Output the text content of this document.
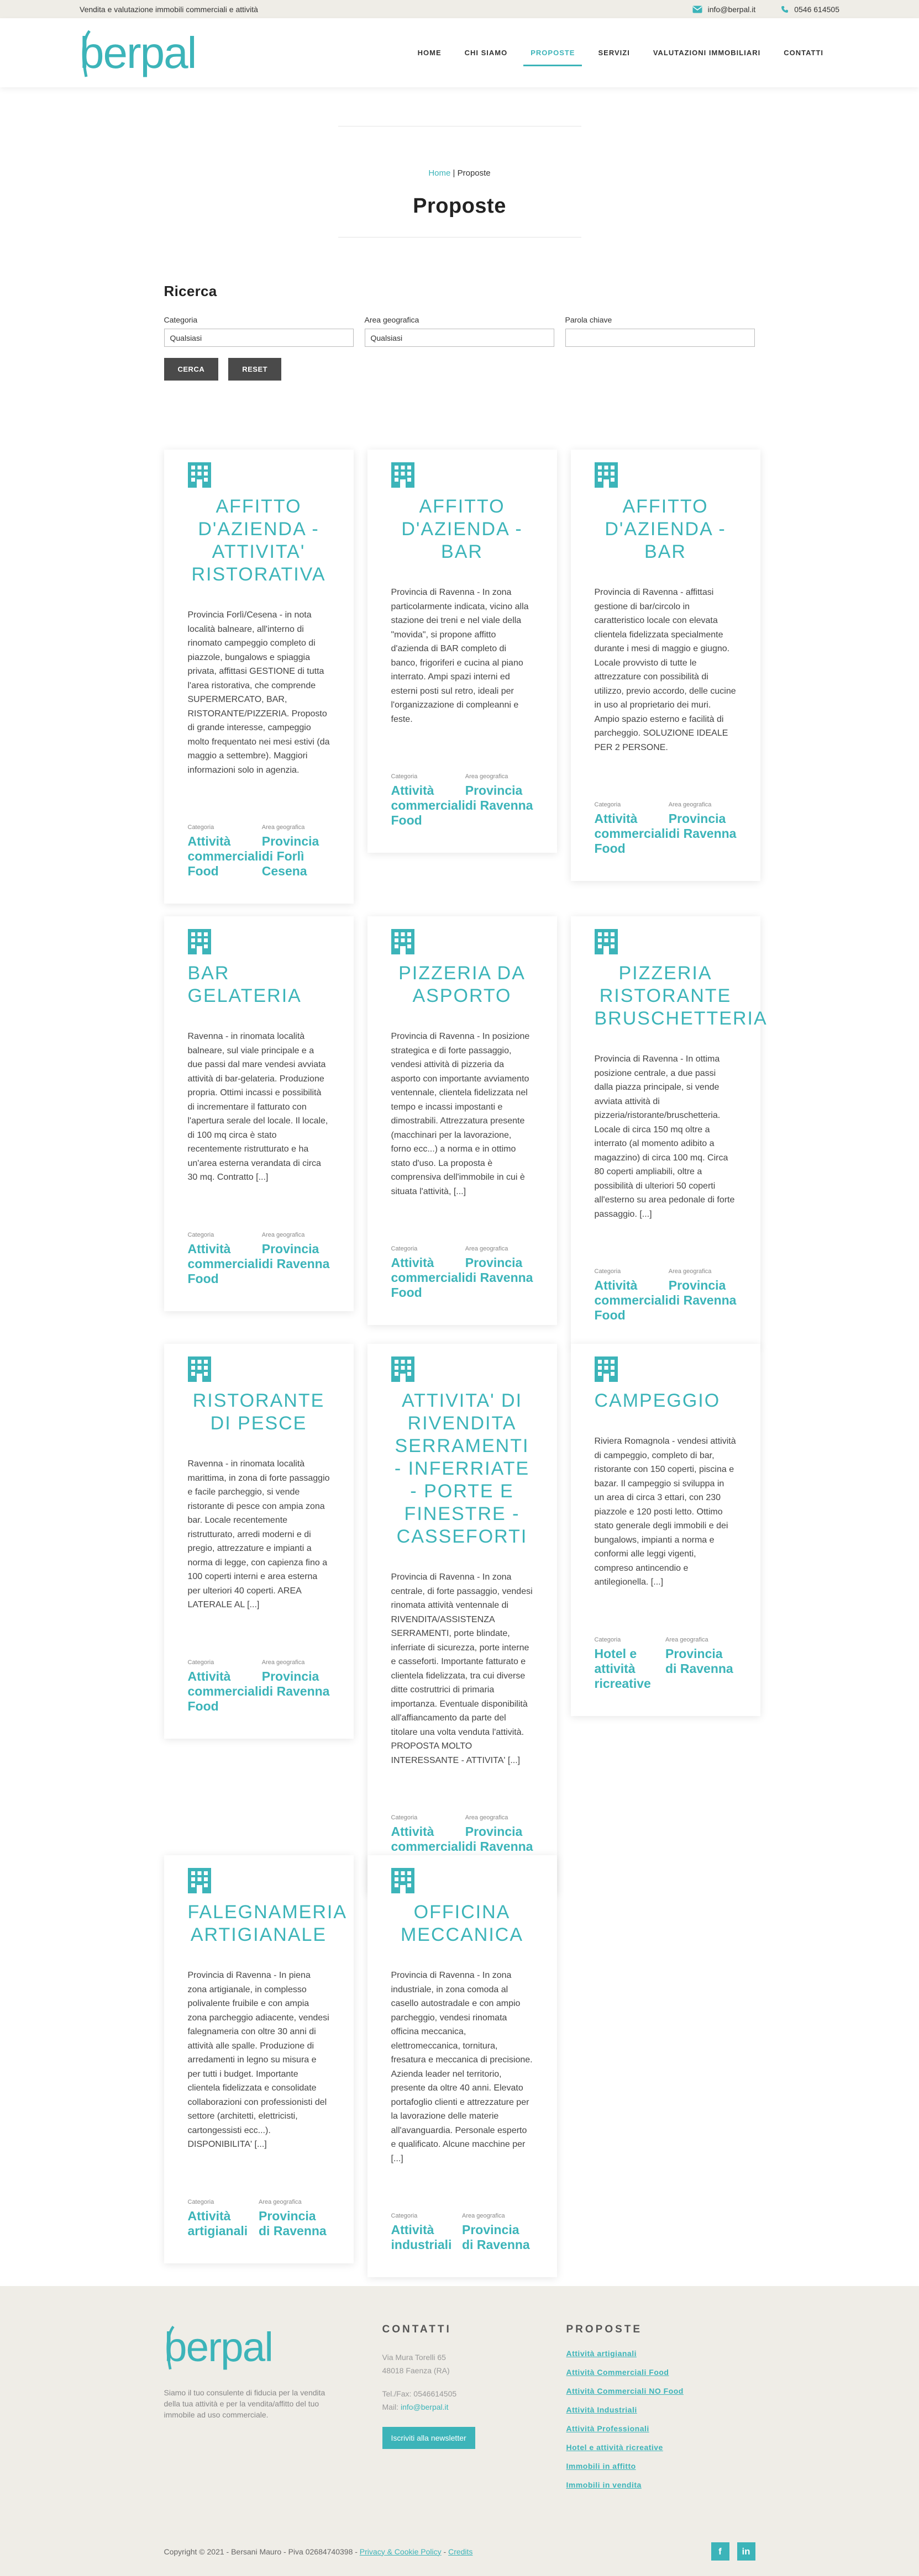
Vendita e valutazione immobili commerciali e attività	info@berpal.it	0546 614505
berpal	HOME	CHI SIAMO	PROPOSTE	SERVIZI	VALUTAZIONI IMMOBILIARI	CONTATTI
Home | Proposte
Proposte
Ricerca
Categoria
Qualsiasi
Area geografica
Qualsiasi
Parola chiave
CERCA	RESET
AFFITTO D'AZIENDA - ATTIVITA' RISTORATIVA

Provincia Forlì/Cesena - in nota località balneare, all'interno di rinomato campeggio completo di piazzole, bungalows e spiaggia privata, affittasi GESTIONE di tutta l'area ristorativa, che comprende SUPERMERCATO, BAR, RISTORANTE/PIZZERIA. Proposto di grande interesse, campeggio molto frequentato nei mesi estivi (da maggio a settembre). Maggiori informazioni solo in agenzia.

Categoria
Attività commerciali Food
Area geografica
Provincia di Forlì Cesena
AFFITTO D'AZIENDA - BAR

Provincia di Ravenna - In zona particolarmente indicata, vicino alla stazione dei treni e nel viale della "movida", si propone affitto d'azienda di BAR completo di banco, frigoriferi e cucina al piano interrato. Ampi spazi interni ed esterni posti sul retro, ideali per l'organizzazione di compleanni e feste.

Categoria
Attività commerciali Food
Area geografica
Provincia di Ravenna
AFFITTO D'AZIENDA - BAR

Provincia di Ravenna - affittasi gestione di bar/circolo in caratteristico locale con elevata clientela fidelizzata specialmente durante i mesi di maggio e giugno. Locale provvisto di tutte le attrezzature con possibilità di utilizzo, previo accordo, delle cucine in uso al proprietario dei muri. Ampio spazio esterno e facilità di parcheggio. SOLUZIONE IDEALE PER 2 PERSONE.

Categoria
Attività commerciali Food
Area geografica
Provincia di Ravenna
BAR GELATERIA

Ravenna - in rinomata località balneare, sul viale principale e a due passi dal mare vendesi avviata attività di bar-gelateria. Produzione propria. Ottimi incassi e possibilità di incrementare il fatturato con l'apertura serale del locale. Il locale, di 100 mq circa è stato recentemente ristrutturato e ha un'area esterna verandata di circa 30 mq. Contratto [...]

Categoria
Attività commerciali Food
Area geografica
Provincia di Ravenna
PIZZERIA DA ASPORTO

Provincia di Ravenna - In posizione strategica e di forte passaggio, vendesi attività di pizzeria da asporto con importante avviamento ventennale, clientela fidelizzata nel tempo e incassi impostanti e dimostrabili. Attrezzatura presente (macchinari per la lavorazione, forno ecc...) a norma e in ottimo stato d'uso. La proposta è comprensiva dell'immobile in cui è situata l'attività, [...]

Categoria
Attività commerciali Food
Area geografica
Provincia di Ravenna
PIZZERIA RISTORANTE BRUSCHETTERIA

Provincia di Ravenna - In ottima posizione centrale, a due passi dalla piazza principale, si vende avviata attività di pizzeria/ristorante/bruschetteria. Locale di circa 150 mq oltre a interrato (al momento adibito a magazzino) di circa 100 mq. Circa 80 coperti ampliabili, oltre a possibilità di ulteriori 50 coperti all'esterno su area pedonale di forte passaggio. [...]

Categoria
Attività commerciali Food
Area geografica
Provincia di Ravenna
RISTORANTE DI PESCE

Ravenna - in rinomata località marittima, in zona di forte passaggio e facile parcheggio, si vende ristorante di pesce con ampia zona bar. Locale recentemente ristrutturato, arredi moderni e di pregio, attrezzature e impianti a norma di legge, con capienza fino a 100 coperti interni e area esterna per ulteriori 40 coperti. AREA LATERALE AL [...]

Categoria
Attività commerciali Food
Area geografica
Provincia di Ravenna
ATTIVITA' DI RIVENDITA SERRAMENTI - INFERRIATE - PORTE E FINESTRE - CASSEFORTI

Provincia di Ravenna - In zona centrale, di forte passaggio, vendesi rinomata attività ventennale di RIVENDITA/ASSISTENZA SERRAMENTI, porte blindate, inferriate di sicurezza, porte interne e casseforti. Importante fatturato e clientela fidelizzata, tra cui diverse ditte costruttrici di primaria importanza. Eventuale disponibilità all'affiancamento da parte del titolare una volta venduta l'attività. PROPOSTA MOLTO INTERESSANTE - ATTIVITA' [...]

Categoria
Attività commerciali
Area geografica
Provincia di Ravenna
CAMPEGGIO

Riviera Romagnola - vendesi attività di campeggio, completo di bar, ristorante con 150 coperti, piscina e bazar. Il campeggio si sviluppa in un area di circa 3 ettari, con 230 piazzole e 120 posti letto. Ottimo stato generale degli immobili e dei bungalows, impianti a norma e conformi alle leggi vigenti, compreso antincendio e antilegionella. [...]

Categoria
Hotel e attività ricreative
Area geografica
Provincia di Ravenna
FALEGNAMERIA ARTIGIANALE

Provincia di Ravenna - In piena zona artigianale, in complesso polivalente fruibile e con ampia zona parcheggio adiacente, vendesi falegnameria con oltre 30 anni di attività alle spalle. Produzione di arredamenti in legno su misura e per tutti i budget. Importante clientela fidelizzata e consolidate collaborazioni con professionisti del settore (architetti, elettricisti, cartongessisti ecc...). DISPONIBILITA' [...]

Categoria
Attività artigianali
Area geografica
Provincia di Ravenna
OFFICINA MECCANICA

Provincia di Ravenna - In zona industriale, in zona comoda al casello autostradale e con ampio parcheggio, vendesi rinomata officina meccanica, elettromeccanica, tornitura, fresatura e meccanica di precisione. Azienda leader nel territorio, presente da oltre 40 anni. Elevato portafoglio clienti e attrezzature per la lavorazione delle materie all'avanguardia. Personale esperto e qualificato. Alcune macchine per [...]

Categoria
Attività industriali
Area geografica
Provincia di Ravenna
berpal

Siamo il tuo consulente di fiducia per la vendita della tua attività e per la vendita/affitto del tuo immobile ad uso commerciale.

CONTATTI
Via Mura Torelli 65
48018 Faenza (RA)
Tel./Fax: 0546614505
Mail: info@berpal.it
Iscriviti alla newsletter
PROPOSTE
Attività artigianali
Attività Commerciali Food
Attività Commerciali NO Food
Attività Industriali
Attività Professionali
Hotel e attività ricreative
Immobili in affitto
Immobili in vendita
Copyright © 2021 - Bersani Mauro - Piva 02684740398 - Privacy & Cookie Policy - Credits	f	in
